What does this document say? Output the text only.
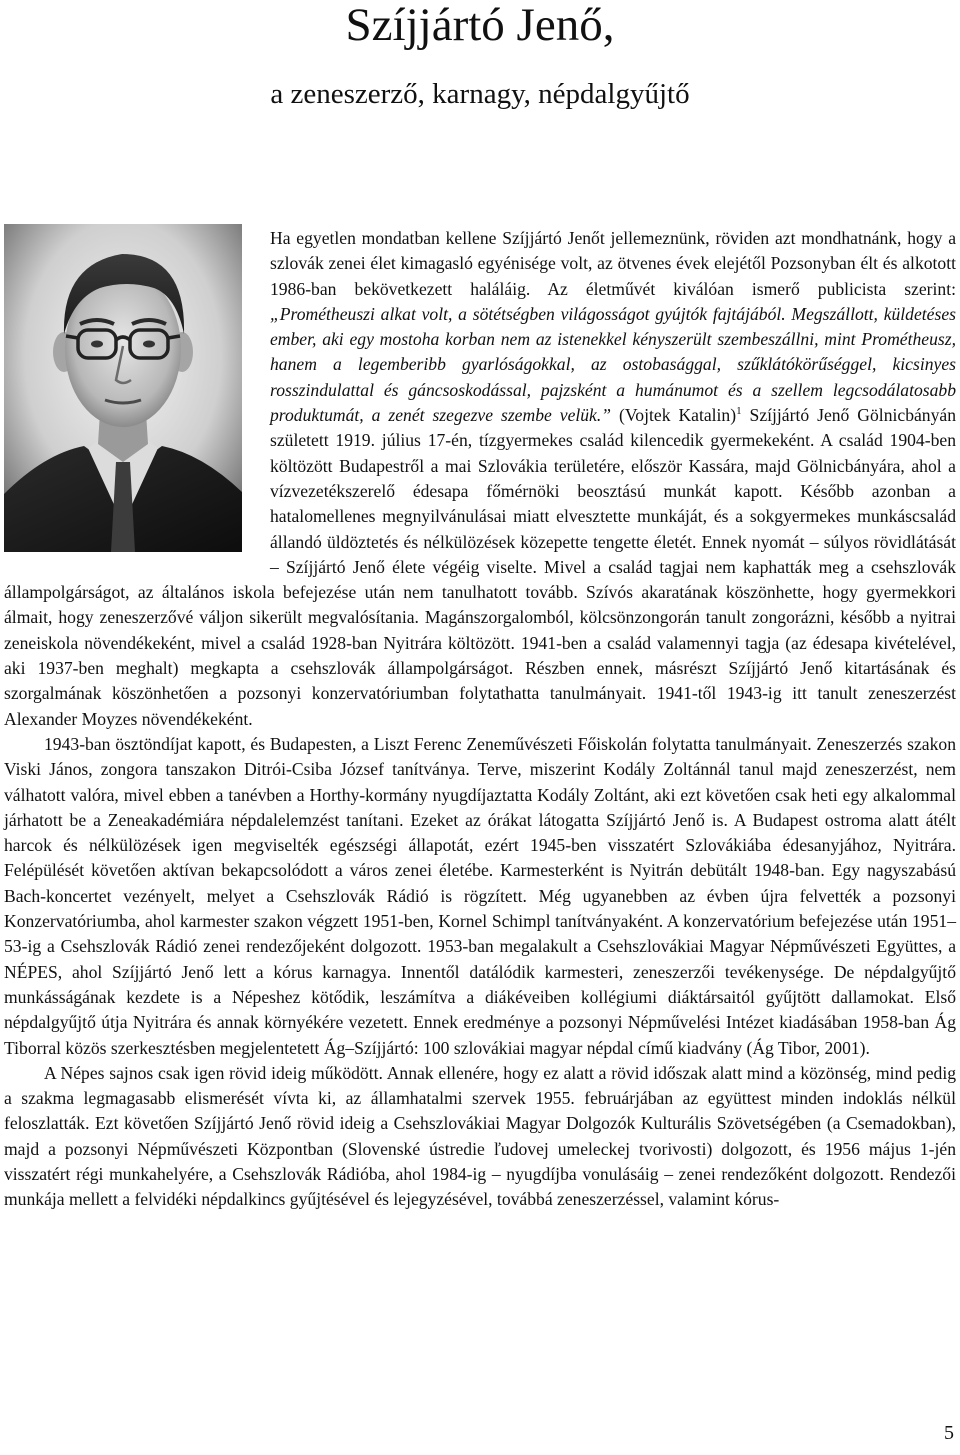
Szíjjártó Jenő,
a zeneszerző, karnagy, népdalgyűjtő

Ha egyetlen mondatban kellene Szíjjártó Jenőt jellemeznünk, röviden azt mondhatnánk, hogy a szlovák zenei élet kimagasló egyénisége volt, az ötvenes évek elejétől Pozsonyban élt és alkotott 1986-ban bekövetkezett haláláig. Az életművét kiválóan ismerő publicista szerint: „Prométheuszi alkat volt, a sötétségben világosságot gyújtók fajtájából. Megszállott, küldetéses ember, aki egy mostoha korban nem az istenekkel kényszerült szembeszállni, mint Prométheusz, hanem a legemberibb gyarlóságokkal, az ostobasággal, szűklátókörűséggel, kicsinyes rosszindulattal és gáncsoskodással, pajzsként a humánumot és a szellem legcsodálatosabb produktumát, a zenét szegezve szembe velük.” (Vojtek Katalin)$^1$ Szíjjártó Jenő Gölnicbányán született 1919. július 17-én, tízgyermekes család kilencedik gyermekeként. A család 1904-ben költözött Budapestről a mai Szlovákia területére, először Kassára, majd Gölnicbányára, ahol a vízvezetékszerelő édesapa főmérnöki beosztású munkát kapott. Később azonban a hatalomellenes megnyilvánulásai miatt elvesztette munkáját, és a sokgyermekes munkáscsalád állandó üldöztetés és nélkülözések közepette tengette életét. Ennek nyomát – súlyos rövidlátását – Szíjjártó Jenő élete végéig viselte. Mivel a család tagjai nem kaphatták meg a csehszlovák állampolgárságot, az általános iskola befejezése után nem tanulhatott tovább. Szívós akaratának köszönhette, hogy gyermekkori álmait, hogy zeneszerzővé váljon sikerült megvalósítania. Magánszorgalomból, kölcsönzongorán tanult zongorázni, később a nyitrai zeneiskola növendékeként, mivel a család 1928-ban Nyitrára költözött. 1941-ben a család valamennyi tagja (az édesapa kivételével, aki 1937-ben meghalt) megkapta a csehszlovák állampolgárságot. Részben ennek, másrészt Szíjjártó Jenő kitartásának és szorgalmának köszönhetően a pozsonyi konzervatóriumban folytathatta tanulmányait. 1941-től 1943-ig itt tanult zeneszerzést Alexander Moyzes növendékeként.

1943-ban ösztöndíjat kapott, és Budapesten, a Liszt Ferenc Zeneművészeti Főiskolán folytatta tanulmányait. Zeneszerzés szakon Viski János, zongora tanszakon Ditrói-Csiba József tanítványa. Terve, miszerint Kodály Zoltánnál tanul majd zeneszerzést, nem válhatott valóra, mivel ebben a tanévben a Horthy-kormány nyugdíjaztatta Kodály Zoltánt, aki ezt követően csak heti egy alkalommal járhatott be a Zeneakadémiára népdalelemzést tanítani. Ezeket az órákat látogatta Szíjjártó Jenő is. A Budapest ostroma alatt átélt harcok és nélkülözések igen megviselték egészségi állapotát, ezért 1945-ben visszatért Szlovákiába édesanyjához, Nyitrára. Felépülését követően aktívan bekapcsolódott a város zenei életébe. Karmesterként is Nyitrán debütált 1948-ban. Egy nagyszabású Bach-koncertet vezényelt, melyet a Csehszlovák Rádió is rögzített. Még ugyanebben az évben újra felvették a pozsonyi Konzervatóriumba, ahol karmester szakon végzett 1951-ben, Kornel Schimpl tanítványaként. A konzervatórium befejezése után 1951–53-ig a Csehszlovák Rádió zenei rendezőjeként dolgozott. 1953-ban megalakult a Csehszlovákiai Magyar Népművészeti Együttes, a NÉPES, ahol Szíjjártó Jenő lett a kórus karnagya. Innentől datálódik karmesteri, zeneszerzői tevékenysége. De népdalgyűjtő munkásságának kezdete is a Népeshez kötődik, leszámítva a diákéveiben kollégiumi diáktársaitól gyűjtött dallamokat. Első népdalgyűjtő útja Nyitrára és annak környékére vezetett. Ennek eredménye a pozsonyi Népművelési Intézet kiadásában 1958-ban Ág Tiborral közös szerkesztésben megjelentetett Ág–Szíjjártó: 100 szlovákiai magyar népdal című kiadvány (Ág Tibor, 2001).

A Népes sajnos csak igen rövid ideig működött. Annak ellenére, hogy ez alatt a rövid időszak alatt mind a közönség, mind pedig a szakma legmagasabb elismerését vívta ki, az államhatalmi szervek 1955. februárjában az együttest minden indoklás nélkül feloszlatták. Ezt követően Szíjjártó Jenő rövid ideig a Csehszlovákiai Magyar Dolgozók Kulturális Szövetségében (a Csemadokban), majd a pozsonyi Népművészeti Központban (Slovenské ústredie ľudovej umeleckej tvorivosti) dolgozott, és 1956 május 1-jén visszatért régi munkahelyére, a Csehszlovák Rádióba, ahol 1984-ig – nyugdíjba vonulásáig – zenei rendezőként dolgozott. Rendezői munkája mellett a felvidéki népdalkincs gyűjtésével és lejegyzésével, továbbá zeneszerzéssel, valamint kórus-

5
